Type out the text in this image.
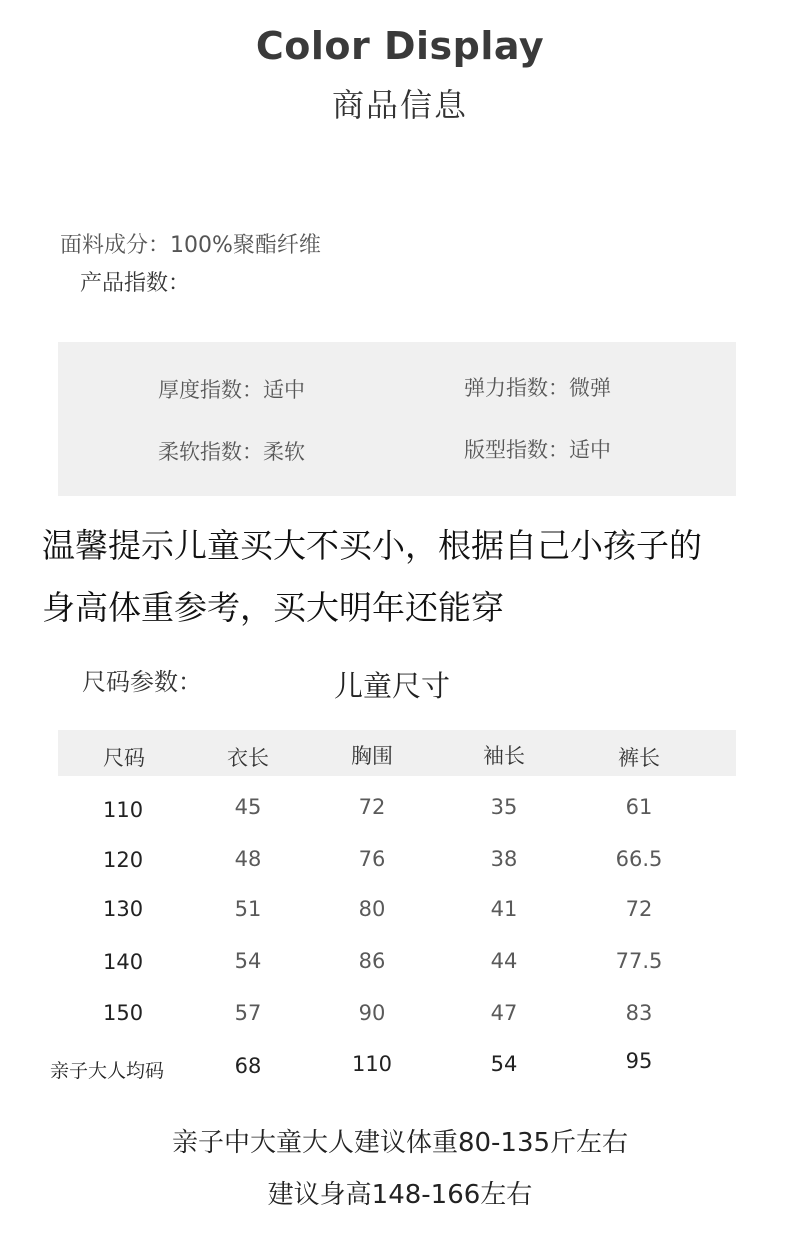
Color Display
商品信息
面料成分：100%聚酯纤维
产品指数：
厚度指数：适中	弹力指数：微弹
柔软指数：柔软	版型指数：适中
温馨提示儿童买大不买小，根据自己小孩子的
身高体重参考，买大明年还能穿
尺码参数：	儿童尺寸
尺码	衣长	胸围	袖长	裤长
110	45	72	35	61
120	48	76	38	66.5
130	51	80	41	72
140	54	86	44	77.5
150	57	90	47	83
亲子大人均码	68	110	54	95
亲子中大童大人建议体重80-135斤左右
建议身高148-166左右
